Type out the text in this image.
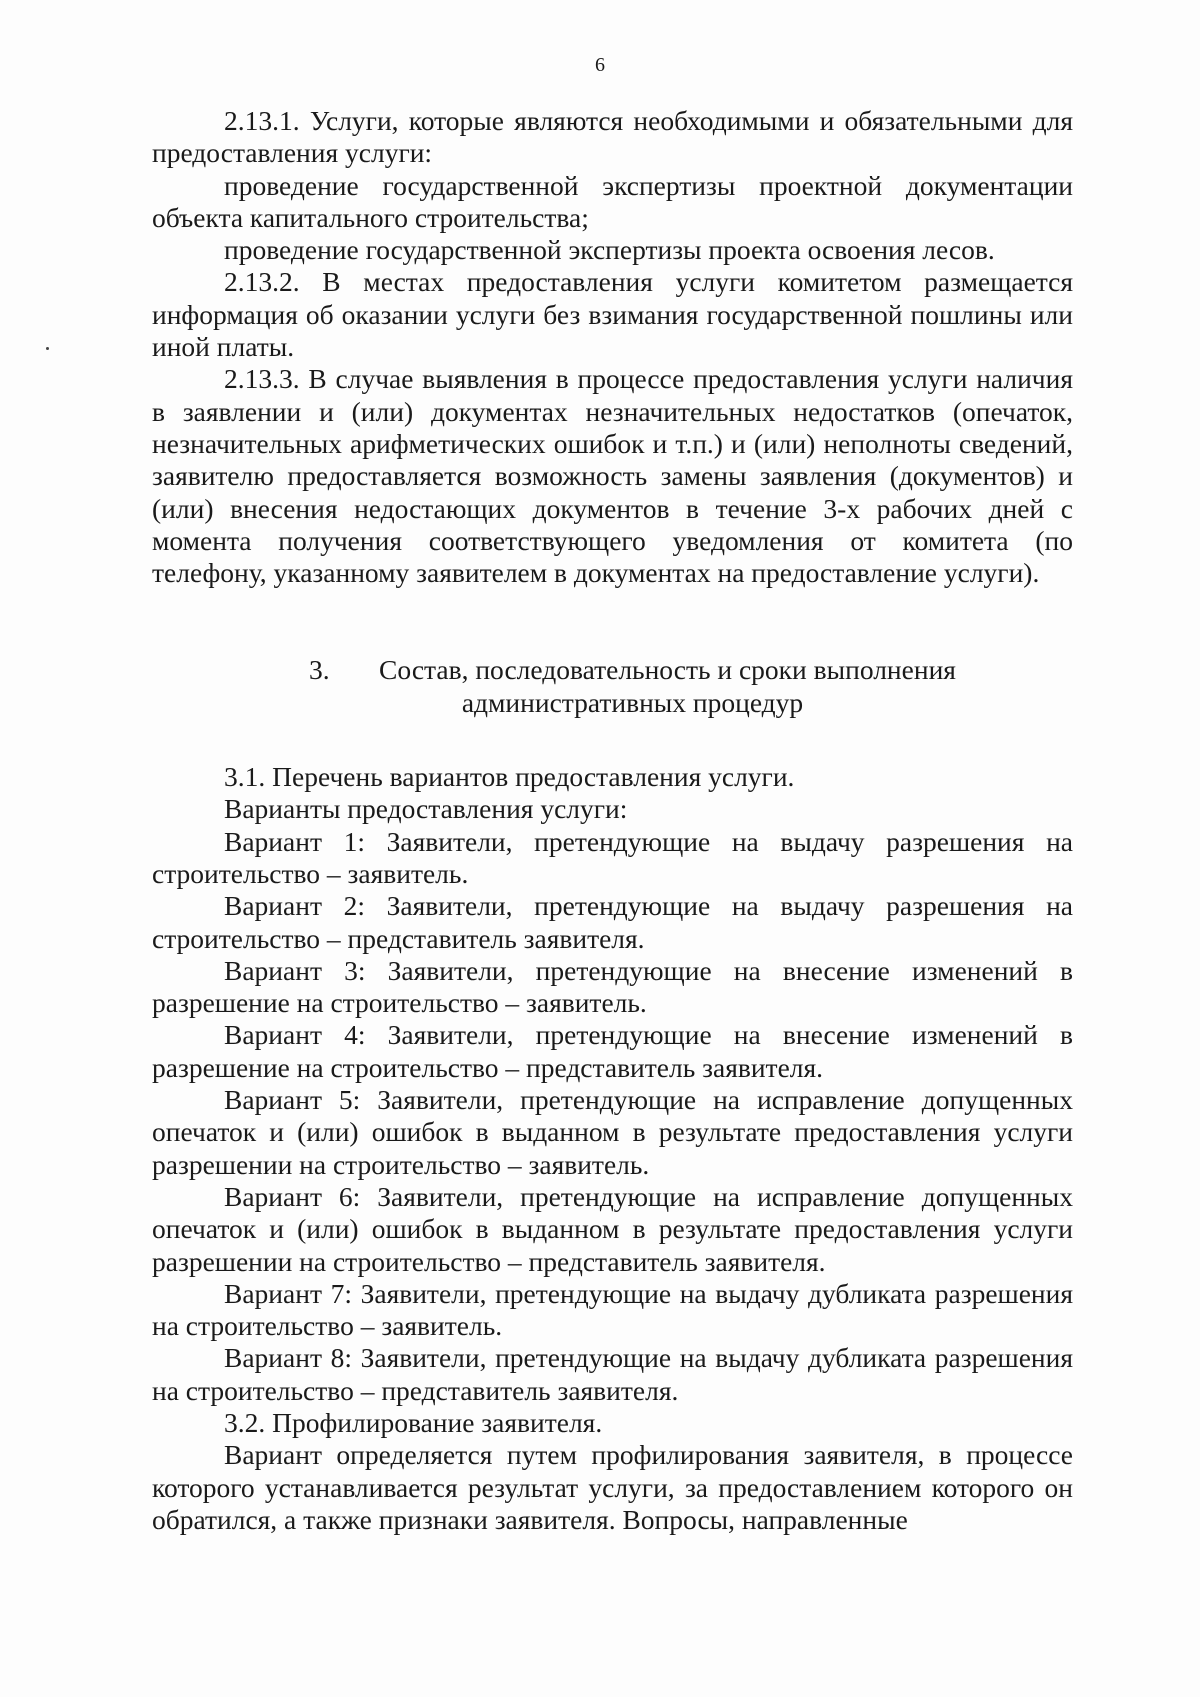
6

2.13.1. Услуги, которые являются необходимыми и обязательными для предоставления услуги:

проведение государственной экспертизы проектной документации объекта капитального строительства;

проведение государственной экспертизы проекта освоения лесов.

2.13.2. В местах предоставления услуги комитетом размещается информация об оказании услуги без взимания государственной пошлины или иной платы.

2.13.3. В случае выявления в процессе предоставления услуги наличия в заявлении и (или) документах незначительных недостатков (опечаток, незначительных арифметических ошибок и т.п.) и (или) неполноты сведений, заявителю предоставляется возможность замены заявления (документов) и (или) внесения недостающих документов в течение 3-х рабочих дней с момента получения соответствующего уведомления от комитета (по телефону, указанному заявителем в документах на предоставление услуги).

3. Состав, последовательность и сроки выполнения
административных процедур

3.1. Перечень вариантов предоставления услуги.

Варианты предоставления услуги:

Вариант 1: Заявители, претендующие на выдачу разрешения на строительство – заявитель.

Вариант 2: Заявители, претендующие на выдачу разрешения на строительство – представитель заявителя.

Вариант 3: Заявители, претендующие на внесение изменений в разрешение на строительство – заявитель.

Вариант 4: Заявители, претендующие на внесение изменений в разрешение на строительство – представитель заявителя.

Вариант 5: Заявители, претендующие на исправление допущенных опечаток и (или) ошибок в выданном в результате предоставления услуги разрешении на строительство – заявитель.

Вариант 6: Заявители, претендующие на исправление допущенных опечаток и (или) ошибок в выданном в результате предоставления услуги разрешении на строительство – представитель заявителя.

Вариант 7: Заявители, претендующие на выдачу дубликата разрешения на строительство – заявитель.

Вариант 8: Заявители, претендующие на выдачу дубликата разрешения на строительство – представитель заявителя.

3.2. Профилирование заявителя.

Вариант определяется путем профилирования заявителя, в процессе которого устанавливается результат услуги, за предоставлением которого он обратился, а также признаки заявителя. Вопросы, направленные
